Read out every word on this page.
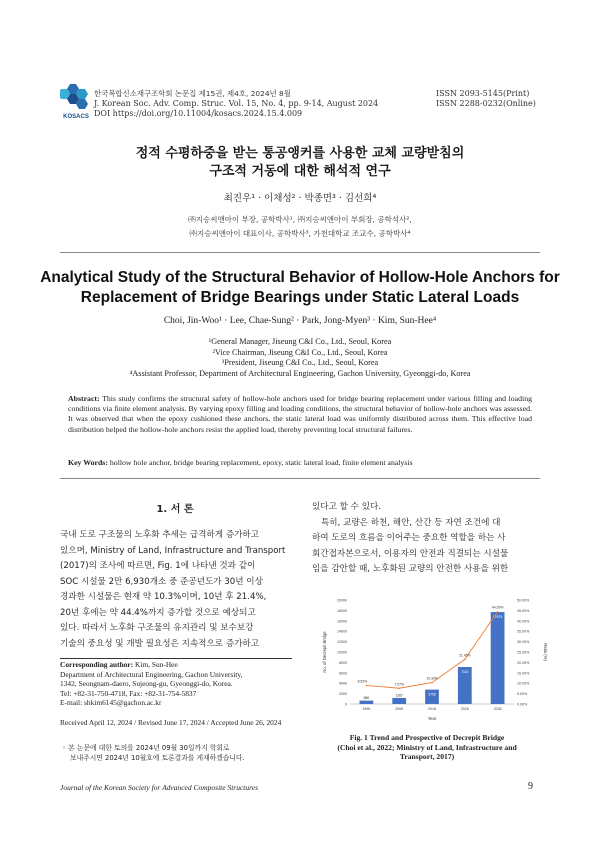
KOSACS
한국복합신소재구조학회 논문집 제15권, 제4호, 2024년 8월
J. Korean Soc. Adv. Comp. Struc. Vol. 15, No. 4, pp. 9-14, August 2024
DOI https://doi.org/10.11004/kosacs.2024.15.4.009
ISSN 2093-5145(Print)
ISSN 2288-0232(Online)
정적 수평하중을 받는 통공앵커를 사용한 교체 교량받침의
구조적 거동에 대한 해석적 연구
최진우¹ · 이채성² · 박종면³ · 김선희⁴
㈜지승씨앤아이 부장, 공학박사¹, ㈜지승씨앤아이 부회장, 공학석사²,
㈜지승씨앤아이 대표이사, 공학박사³, 가천대학교 조교수, 공학박사⁴
Analytical Study of the Structural Behavior of Hollow-Hole Anchors for
Replacement of Bridge Bearings under Static Lateral Loads
Choi, Jin-Woo¹ · Lee, Chae-Sung² · Park, Jong-Myen³ · Kim, Sun-Hee⁴
¹General Manager, Jiseung C&I Co., Ltd., Seoul, Korea
²Vice Chairman, Jiseung C&I Co., Ltd., Seoul, Korea
³President, Jiseung C&I Co., Ltd., Seoul, Korea
⁴Assistant Professor, Department of Architectural Engineering, Gachon University, Gyeonggi-do, Korea
Abstract: This study confirms the structural safety of hollow-hole anchors used for bridge bearing replacement under various filling and loading conditions via finite element analysis. By varying epoxy filling and loading conditions, the structural behavior of hollow-hole anchors was assessed. It was observed that when the epoxy cushioned these anchors, the static lateral load was uniformly distributed across them. This effective load distribution helped the hollow-hole anchors resist the applied load, thereby preventing local structural failures.
Key Words: hollow hole anchor, bridge bearing replacement, epoxy, static lateral load, finite element analysis
1. 서 론
국내 도로 구조물의 노후화 추세는 급격하게 증가하고
있으며, Ministry of Land, Infrastructure and Transport
(2017)의 조사에 따르면, Fig. 1에 나타낸 것과 같이
SOC 시설물 2만 6,930개소 중 준공년도가 30년 이상
경과한 시설물은 현재 약 10.3%이며, 10년 후 21.4%,
20년 후에는 약 44.4%까지 증가할 것으로 예상되고
있다. 따라서 노후화 구조물의 유지관리 및 보수보강
기술의 중요성 및 개발 필요성은 지속적으로 증가하고
Corresponding author: Kim, Sun-Hee
Department of Architectural Engineering, Gachon University,
1342, Seongnam-daero, Sujeong-gu, Gyeonggi-do, Korea.
Tel: +82-31-750-4718, Fax: +82-31-754-5837
E-mail: shkim6145@gachon.ac.kr
Received April 12, 2024 / Revised June 17, 2024 / Accepted June 26, 2024
◦ 본 논문에 대한 토의를 2024년 09월 30일까지 학회로
보내주시면 2024년 10월호에 토론결과를 게재하겠습니다.
있다고 할 수 있다.
특히, 교량은 하천, 해안, 산간 등 자연 조건에 대
하여 도로의 흐름을 이어주는 중요한 역할을 하는 사
회간접자본으로서, 이용자의 안전과 직결되는 시설물
임을 감안할 때, 노후화된 교량의 안전한 사용을 위한
0
2000
4000
6000
8000
10000
12000
14000
16000
18000
20000
0.00%
5.00%
10.00%
15.00%
20.00%
25.00%
30.00%
35.00%
40.00%
45.00%
50.00%
No. of Decrepit Bridge	Ratio (%)
Year
650
1996
1167
2006
2768
2016
7116
2026
17679
2036
8.93%
7.57%
10.30%
21.45%
44.39%
Fig. 1 Trend and Prospective of Decrepit Bridge
(Choi et al., 2022; Ministry of Land, Infrastructure and
Transport, 2017)
Journal of the Korean Society for Advanced Composite Structures	9
